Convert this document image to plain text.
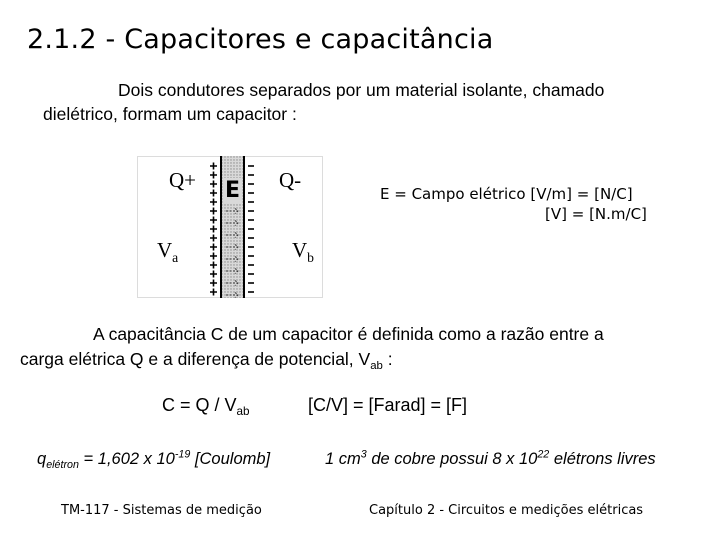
2.1.2 - Capacitores e capacitância
Dois condutores separados por um material isolante, chamado
dielétrico, formam um capacitor :
Q+	Q-
E
$V_a$	$V_b$
E = Campo elétrico [V/m] = [N/C]
[V] = [N.m/C]
A capacitância C de um capacitor é definida como a razão entre a
carga elétrica Q e a diferença de potencial, $V_{ab}$ :
$C = Q / V_{ab}$	[C/V] = [Farad] = [F]
$q_{elétron} = 1,602$ x $10^{-19}$ [Coulomb]	1 $cm^3$ de cobre possui 8 x $10^{22}$ elétrons livres
TM-117 - Sistemas de medição	Capítulo 2 - Circuitos e medições elétricas
